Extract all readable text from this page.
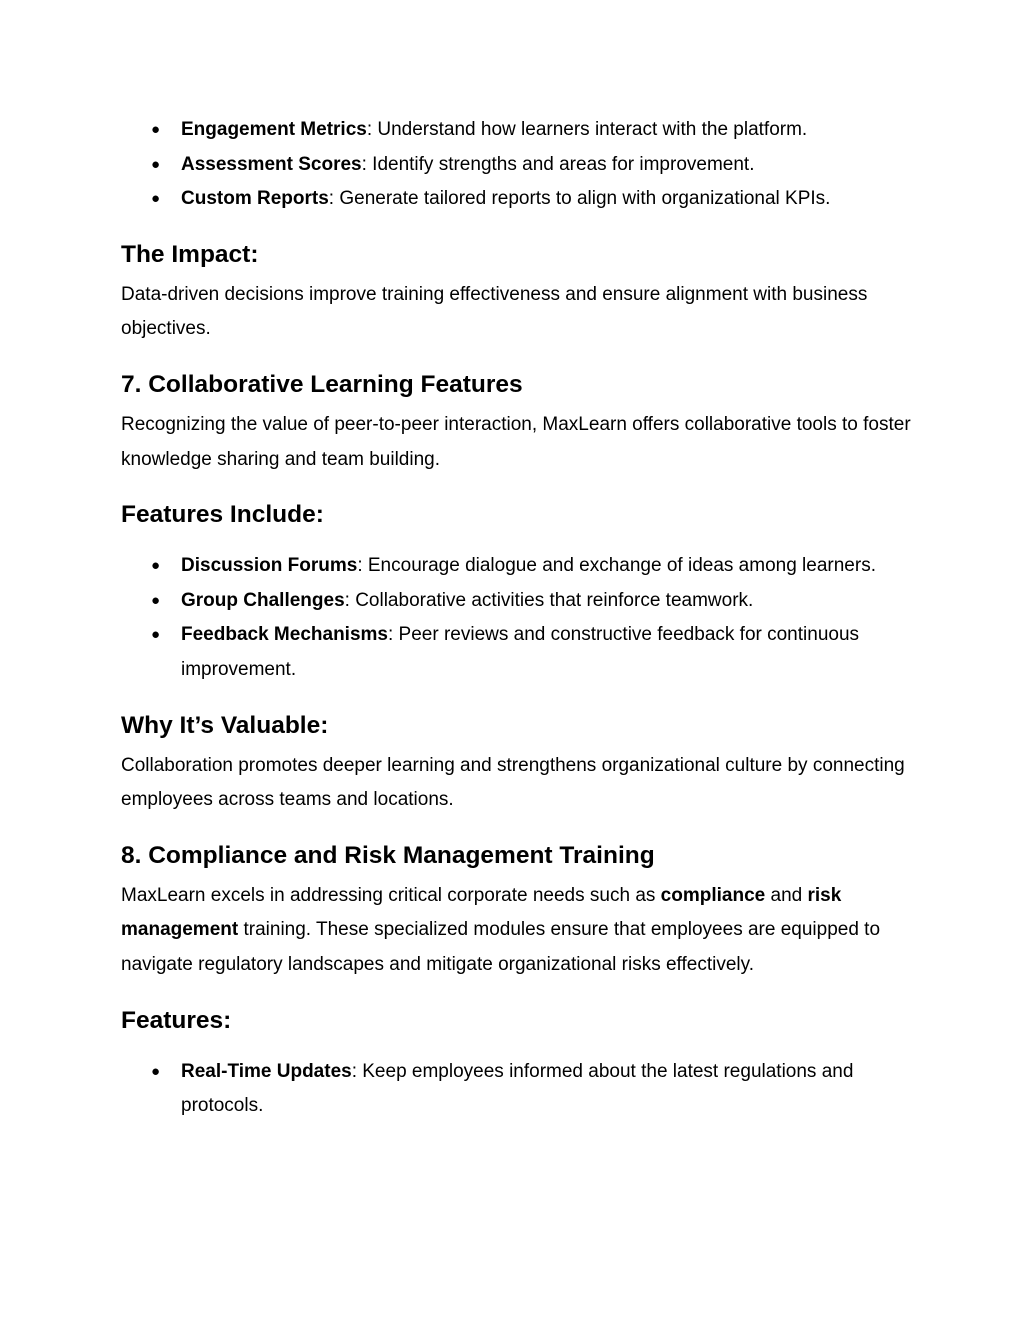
● Engagement Metrics: Understand how learners interact with the platform.
● Assessment Scores: Identify strengths and areas for improvement.
● Custom Reports: Generate tailored reports to align with organizational KPIs.
The Impact:

Data-driven decisions improve training effectiveness and ensure alignment with business objectives.

7. Collaborative Learning Features

Recognizing the value of peer-to-peer interaction, MaxLearn offers collaborative tools to foster knowledge sharing and team building.

Features Include:
● Discussion Forums: Encourage dialogue and exchange of ideas among learners.
● Group Challenges: Collaborative activities that reinforce teamwork.
● Feedback Mechanisms: Peer reviews and constructive feedback for continuous improvement.
Why It’s Valuable:

Collaboration promotes deeper learning and strengthens organizational culture by connecting employees across teams and locations.

8. Compliance and Risk Management Training

MaxLearn excels in addressing critical corporate needs such as compliance and risk management training. These specialized modules ensure that employees are equipped to navigate regulatory landscapes and mitigate organizational risks effectively.

Features:
● Real-Time Updates: Keep employees informed about the latest regulations and protocols.
